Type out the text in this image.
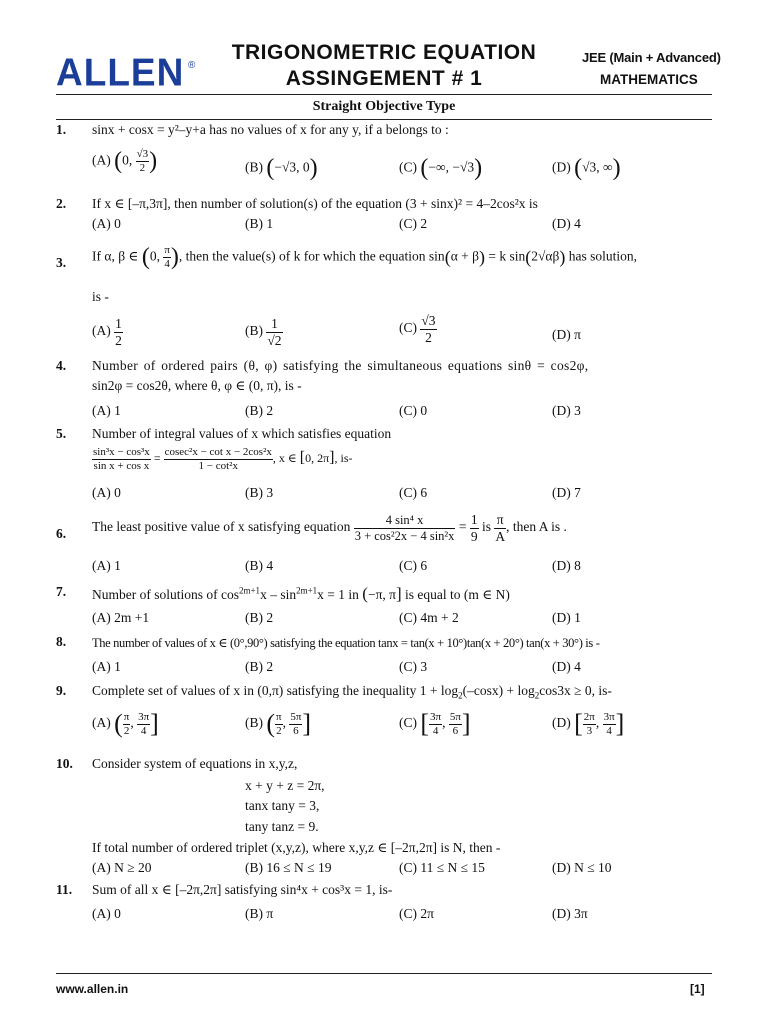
ALLEN ®
TRIGONOMETRIC EQUATION
ASSINGEMENT # 1
JEE (Main + Advanced)
MATHEMATICS
Straight Objective Type
1. sinx + cosx = y²–y+a has no values of x for any y, if a belongs to :
(A) (0, $\frac{√3}{2}$ )	(B) (−√3, 0)	(C) (−∞, −√3)	(D) (√3, ∞)
2. If x ∈ [–π,3π], then number of solution(s) of the equation (3 + sinx)² = 4–2cos²x is
(A) 0	(B) 1	(C) 2	(D) 4
3. If α, β ∈ (0, $\frac{\pi}{4}$ ), then the value(s) of k for which the equation sin(α + β) = k sin(2√αβ) has solution,
is -
$(A) \frac{1}{2}$	$(B) \frac{1}{√2}$	$(C) \frac{√3}{2}$	(D) π
4. Number of ordered pairs (θ, φ) satisfying the simultaneous equations sinθ = cos2φ,
sin2φ = cos2θ, where θ, φ ∈ (0, π), is -
(A) 1	(B) 2	(C) 0	(D) 3
5. Number of integral values of x which satisfies equation
$\frac{\text{sin³x − cos³x}}{\text{sin x + cos x}} = \frac{\text{cosec²x − cot x − 2cos²x}}{\text{1 − cot²x}}$ , x ∈ [0, 2π], is-
(A) 0	(B) 3	(C) 6	(D) 7
6. The least positive value of x satisfying equation $\frac{\text{4 sin⁴ x}}{\text{3 + cos²2x − 4 sin²x}} = \frac{1}{9}$ is $\frac{\pi}{A}$ , then A is .
(A) 1	(B) 4	(C) 6	(D) 8
7. Number of solutions of $\cos^{2m+1}x - \sin^{2m+1}x = 1$ in (−π, π] is equal to (m ∈ N)
(A) 2m +1	(B) 2	(C) 4m + 2	(D) 1
8. The number of values of x ∈ (0°,90°) satisfying the equation tanx = tan(x + 10°)tan(x + 20°) tan(x + 30°) is -
(A) 1	(B) 2	(C) 3	(D) 4
9. Complete set of values of x in (0,π) satisfying the inequality $1 + \log_2(-\cos x) + \log_2\cos 3x \ge 0$, is-
(A) ( $\frac{\pi}{2}$ , $\frac{3\pi}{4}$ ]	(B) ( $\frac{\pi}{2}$ , $\frac{5\pi}{6}$ ]	(C) [ $\frac{3\pi}{4}$ , $\frac{5\pi}{6}$ ]	(D) [ $\frac{2\pi}{3}$ , $\frac{3\pi}{4}$ ]
10. Consider system of equations in x,y,z,
x + y + z = 2π,
tanx tany = 3,
tany tanz = 9.
If total number of ordered triplet (x,y,z), where x,y,z ∈ [–2π,2π] is N, then -
(A) N ≥ 20	(B) 16 ≤ N ≤ 19	(C) 11 ≤ N ≤ 15	(D) N ≤ 10
11. Sum of all x ∈ [–2π,2π] satisfying sin⁴x + cos³x = 1, is-
(A) 0	(B) π	(C) 2π	(D) 3π
www.allen.in	[1]
